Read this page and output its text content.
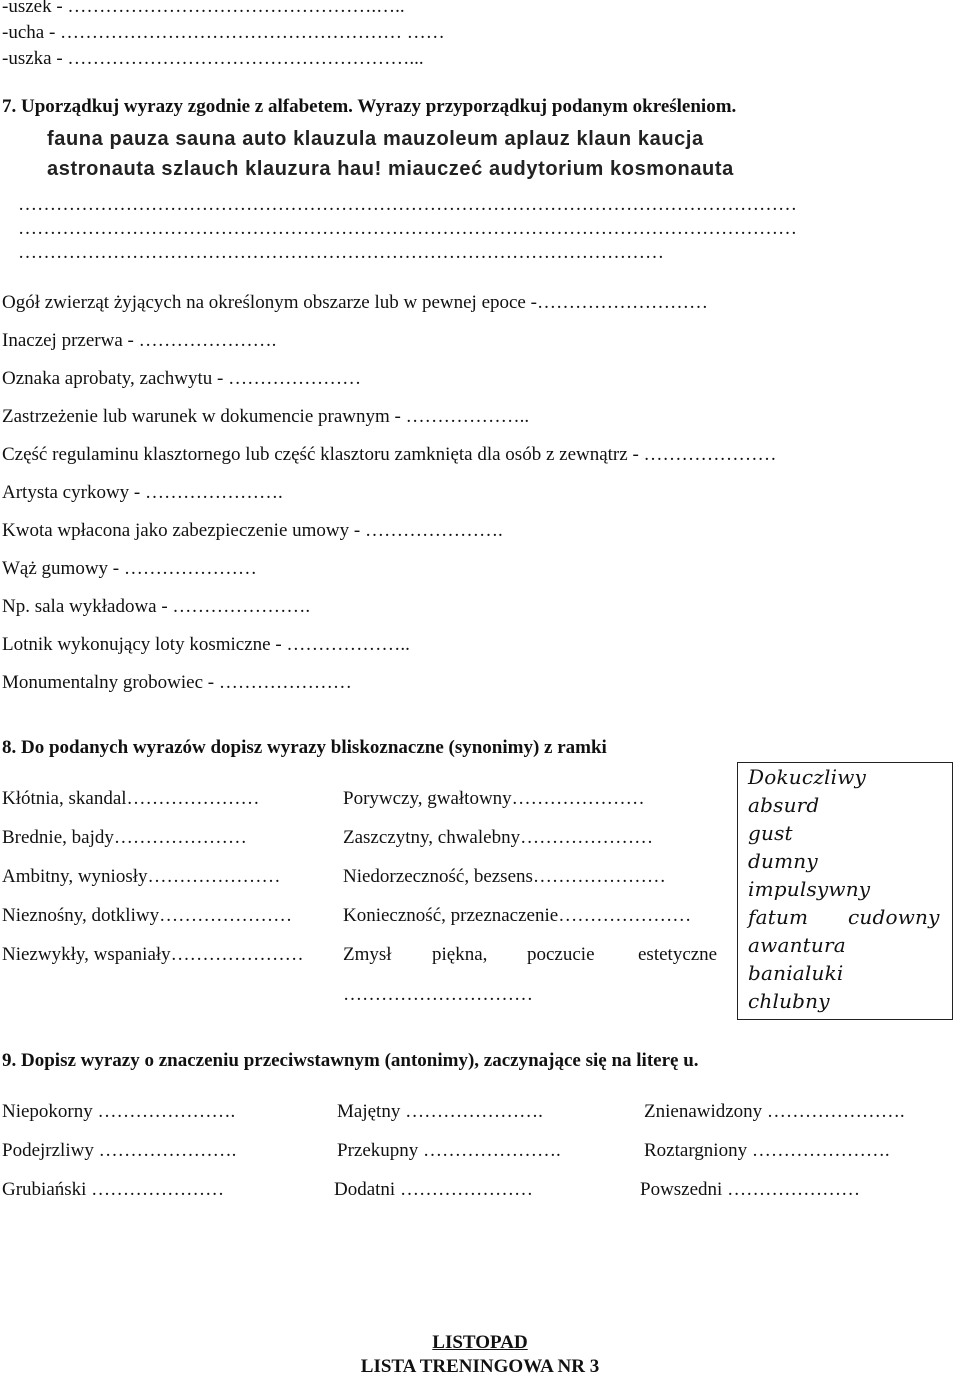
-uszek - ………………………………………….…..
-ucha - ……………………………………………… ……
-uszka - ………………………………………………...
7. Uporządkuj wyrazy zgodnie z alfabetem. Wyrazy przyporządkuj podanym określeniom.
fauna pauza sauna auto klauzula mauzoleum aplauz klaun kaucja
astronauta szlauch klauzura hau! miauczeć audytorium kosmonauta
……………………………………………………………………………………………………………
……………………………………………………………………………………………………………
…………………………………………………………………………………………
Ogół zwierząt żyjących na określonym obszarze lub w pewnej epoce -………………………
Inaczej przerwa - ………………….
Oznaka aprobaty, zachwytu - …………………
Zastrzeżenie lub warunek w dokumencie prawnym - ………………..
Część regulaminu klasztornego lub część klasztoru zamknięta dla osób z zewnątrz - …………………
Artysta cyrkowy - ………………….
Kwota wpłacona jako zabezpieczenie umowy - ………………….
Wąż gumowy - …………………
Np. sala wykładowa - ………………….
Lotnik wykonujący loty kosmiczne - ………………..
Monumentalny grobowiec - …………………
8. Do podanych wyrazów dopisz wyrazy bliskoznaczne (synonimy) z ramki
Kłótnia, skandal…………………
Brednie, bajdy…………………
Ambitny, wyniosły…………………
Nieznośny, dotkliwy…………………
Niezwykły, wspaniały…………………
Porywczy, gwałtowny…………………
Zaszczytny, chwalebny…………………
Niedorzeczność, bezsens…………………
Konieczność, przeznaczenie…………………
Zmysł piękna, poczucie estetyczne
…………………………
Dokuczliwy
absurd
gust
dumny
impulsywny
fatum cudowny
awantura
banialuki
chlubny
9. Dopisz wyrazy o znaczeniu przeciwstawnym (antonimy), zaczynające się na literę u.
Niepokorny ………………….
Podejrzliwy ………………….
Grubiański …………………
Majętny ………………….
Przekupny ………………….
Dodatni …………………
Znienawidzony ………………….
Roztargniony ………………….
Powszedni …………………
LISTOPAD
LISTA TRENINGOWA NR 3
